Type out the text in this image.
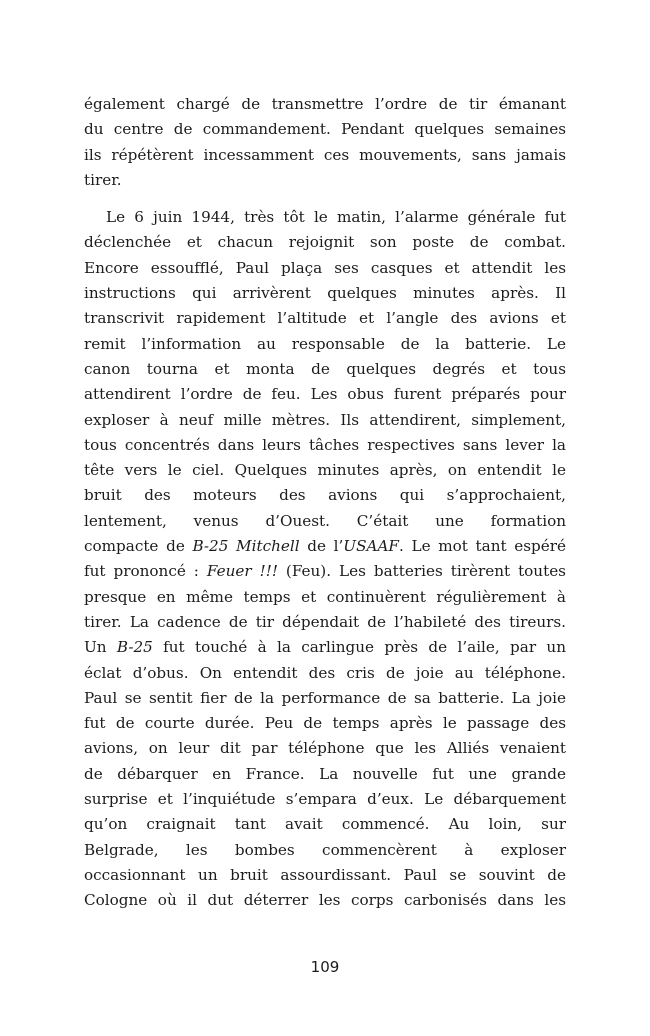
également chargé de transmettre l’ordre de tir émanant
du centre de commandement. Pendant quelques semaines
ils répétèrent incessamment ces mouvements, sans jamais
tirer.
Le 6 juin 1944, très tôt le matin, l’alarme générale fut
déclenchée et chacun rejoignit son poste de combat.
Encore essoufflé, Paul plaça ses casques et attendit les
instructions qui arrivèrent quelques minutes après. Il
transcrivit rapidement l’altitude et l’angle des avions et
remit l’information au responsable de la batterie. Le
canon tourna et monta de quelques degrés et tous
attendirent l’ordre de feu. Les obus furent préparés pour
exploser à neuf mille mètres. Ils attendirent, simplement,
tous concentrés dans leurs tâches respectives sans lever la
tête vers le ciel. Quelques minutes après, on entendit le
bruit des moteurs des avions qui s’approchaient,
lentement, venus d’Ouest. C’était une formation
compacte de B-25 Mitchell de l’USAAF. Le mot tant espéré
fut prononcé : Feuer !!! (Feu). Les batteries tirèrent toutes
presque en même temps et continuèrent régulièrement à
tirer. La cadence de tir dépendait de l’habileté des tireurs.
Un B-25 fut touché à la carlingue près de l’aile, par un
éclat d’obus. On entendit des cris de joie au téléphone.
Paul se sentit fier de la performance de sa batterie. La joie
fut de courte durée. Peu de temps après le passage des
avions, on leur dit par téléphone que les Alliés venaient
de débarquer en France. La nouvelle fut une grande
surprise et l’inquiétude s’empara d’eux. Le débarquement
qu’on craignait tant avait commencé. Au loin, sur
Belgrade, les bombes commencèrent à exploser
occasionnant un bruit assourdissant. Paul se souvint de
Cologne où il dut déterrer les corps carbonisés dans les
109
